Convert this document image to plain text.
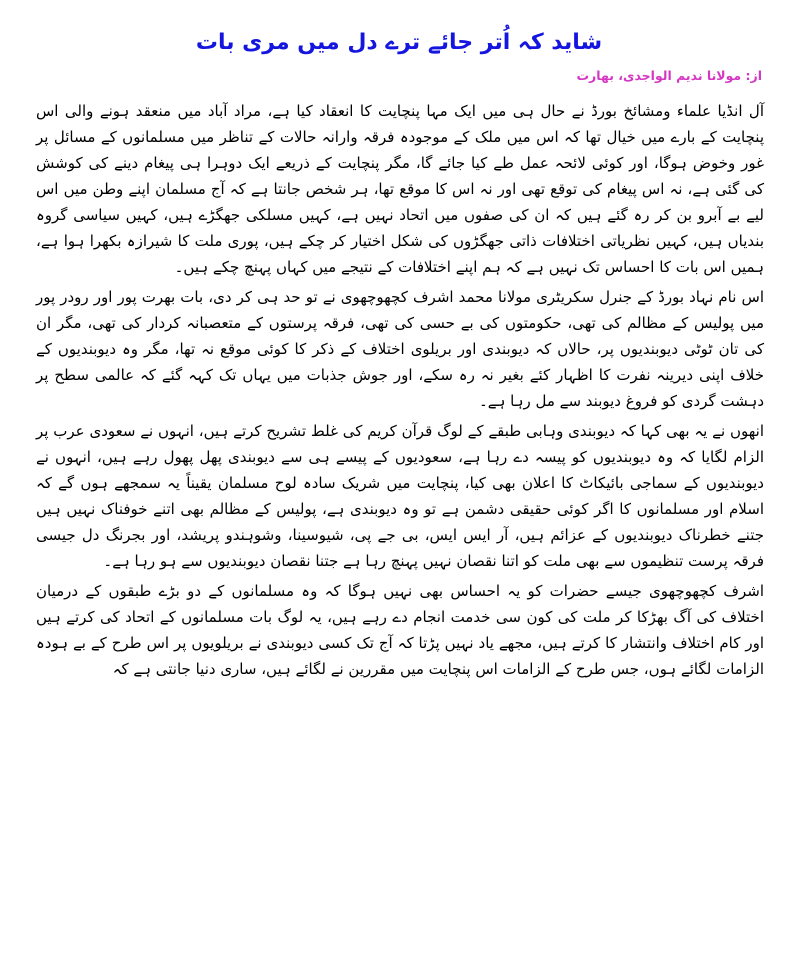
شاید کہ اُتر جائے ترے دل میں مری بات
از: مولانا ندیم الواجدی، بھارت

آل انڈیا علماء ومشائخ بورڈ نے حال ہی میں ایک مہا پنچایت کا انعقاد کیا ہے، مراد آباد میں منعقد ہونے والی اس پنچایت کے بارے میں خیال تھا کہ اس میں ملک کے موجودہ فرقہ وارانہ حالات کے تناظر میں مسلمانوں کے مسائل پر غور وخوض ہوگا، اور کوئی لائحہ عمل طے کیا جائے گا، مگر پنچایت کے ذریعے ایک دوہرا ہی پیغام دینے کی کوشش کی گئی ہے، نہ اس پیغام کی توقع تھی اور نہ اس کا موقع تھا، ہر شخص جانتا ہے کہ آج مسلمان اپنے وطن میں اس لیے بے آبرو بن کر رہ گئے ہیں کہ ان کی صفوں میں اتحاد نہیں ہے، کہیں مسلکی جھگڑے ہیں، کہیں سیاسی گروہ بندیاں ہیں، کہیں نظریاتی اختلافات ذاتی جھگڑوں کی شکل اختیار کر چکے ہیں، پوری ملت کا شیرازہ بکھرا ہوا ہے، ہمیں اس بات کا احساس تک نہیں ہے کہ ہم اپنے اختلافات کے نتیجے میں کہاں پہنچ چکے ہیں۔

اس نام نہاد بورڈ کے جنرل سکریٹری مولانا محمد اشرف کچھوچھوی نے تو حد ہی کر دی، بات بھرت پور اور رودر پور میں پولیس کے مظالم کی تھی، حکومتوں کی بے حسی کی تھی، فرقہ پرستوں کے متعصبانہ کردار کی تھی، مگر ان کی تان ٹوٹی دیوبندیوں پر، حالاں کہ دیوبندی اور بریلوی اختلاف کے ذکر کا کوئی موقع نہ تھا، مگر وہ دیوبندیوں کے خلاف اپنی دیرینہ نفرت کا اظہار کئے بغیر نہ رہ سکے، اور جوش جذبات میں یہاں تک کہہ گئے کہ عالمی سطح پر دہشت گردی کو فروغ دیوبند سے مل رہا ہے۔

انھوں نے یہ بھی کہا کہ دیوبندی وہابی طبقے کے لوگ قرآن کریم کی غلط تشریح کرتے ہیں، انہوں نے سعودی عرب پر الزام لگایا کہ وہ دیوبندیوں کو پیسہ دے رہا ہے، سعودیوں کے پیسے ہی سے دیوبندی پھل پھول رہے ہیں، انہوں نے دیوبندیوں کے سماجی بائیکاٹ کا اعلان بھی کیا، پنچایت میں شریک سادہ لوح مسلمان یقیناً یہ سمجھے ہوں گے کہ اسلام اور مسلمانوں کا اگر کوئی حقیقی دشمن ہے تو وہ دیوبندی ہے، پولیس کے مظالم بھی اتنے خوفناک نہیں ہیں جتنے خطرناک دیوبندیوں کے عزائم ہیں، آر ایس ایس، بی جے پی، شیوسینا، وشوہندو پریشد، اور بجرنگ دل جیسی فرقہ پرست تنظیموں سے بھی ملت کو اتنا نقصان نہیں پہنچ رہا ہے جتنا نقصان دیوبندیوں سے ہو رہا ہے۔

اشرف کچھوچھوی جیسے حضرات کو یہ احساس بھی نہیں ہوگا کہ وہ مسلمانوں کے دو بڑے طبقوں کے درمیان اختلاف کی آگ بھڑکا کر ملت کی کون سی خدمت انجام دے رہے ہیں، یہ لوگ بات مسلمانوں کے اتحاد کی کرتے ہیں اور کام اختلاف وانتشار کا کرتے ہیں، مجھے یاد نہیں پڑتا کہ آج تک کسی دیوبندی نے بریلویوں پر اس طرح کے بے ہودہ الزامات لگائے ہوں، جس طرح کے الزامات اس پنچایت میں مقررین نے لگائے ہیں، ساری دنیا جانتی ہے کہ
